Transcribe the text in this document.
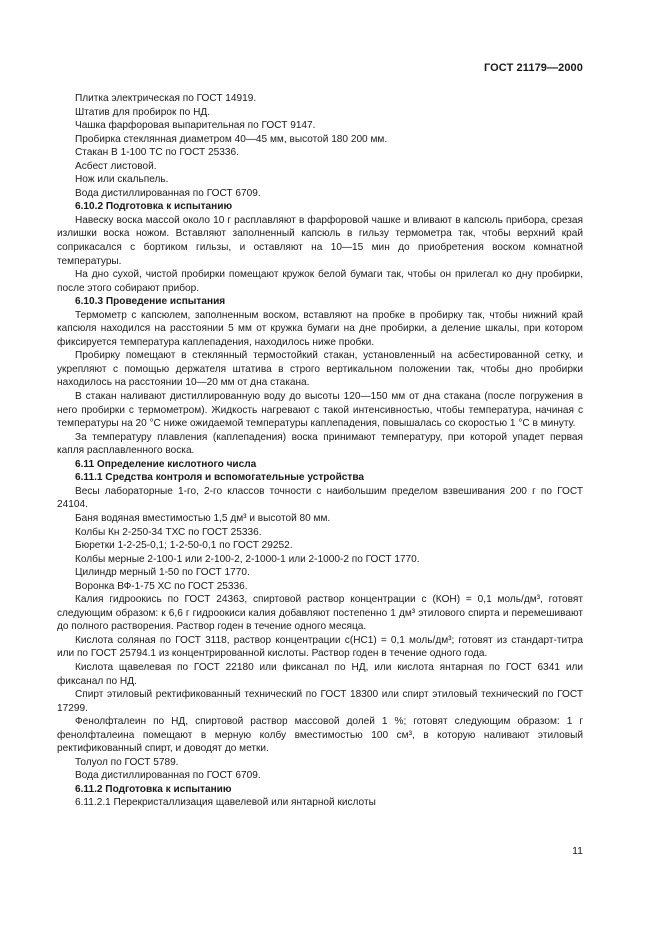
ГОСТ 21179—2000

Плитка электрическая по ГОСТ 14919.

Штатив для пробирок по НД.

Чашка фарфоровая выпарительная по ГОСТ 9147.

Пробирка стеклянная диаметром 40—45 мм, высотой 180 200 мм.

Стакан В 1-100 ТС по ГОСТ 25336.

Асбест листовой.

Нож или скальпель.

Вода дистиллированная по ГОСТ 6709.

6.10.2 Подготовка к испытанию

Навеску воска массой около 10 г расплавляют в фарфоровой чашке и вливают в капсюль прибора, срезая излишки воска ножом. Вставляют заполненный капсюль в гильзу термометра так, чтобы верхний край соприкасался с бортиком гильзы, и оставляют на 10—15 мин до приобретения воском комнатной температуры.

На дно сухой, чистой пробирки помещают кружок белой бумаги так, чтобы он прилегал ко дну пробирки, после этого собирают прибор.

6.10.3 Проведение испытания

Термометр с капсюлем, заполненным воском, вставляют на пробке в пробирку так, чтобы нижний край капсюля находился на расстоянии 5 мм от кружка бумаги на дне пробирки, а деление шкалы, при котором фиксируется температура каплепадения, находилось ниже пробки.

Пробирку помещают в стеклянный термостойкий стакан, установленный на асбестированной сетку, и укрепляют с помощью держателя штатива в строго вертикальном положении так, чтобы дно пробирки находилось на расстоянии 10—20 мм от дна стакана.

В стакан наливают дистиллированную воду до высоты 120—150 мм от дна стакана (после погружения в него пробирки с термометром). Жидкость нагревают с такой интенсивностью, чтобы температура, начиная с температуры на 20 °С ниже ожидаемой температуры каплепадения, повышалась со скоростью 1 °С в минуту.

За температуру плавления (каплепадения) воска принимают температуру, при которой упадет первая капля расплавленного воска.

6.11 Определение кислотного числа

6.11.1 Средства контроля и вспомогательные устройства

Весы лабораторные 1-го, 2-го классов точности с наибольшим пределом взвешивания 200 г по ГОСТ 24104.

Баня водяная вместимостью 1,5 дм³ и высотой 80 мм.

Колбы Кн 2-250-34 ТХС по ГОСТ 25336.

Бюретки 1-2-25-0,1; 1-2-50-0,1 по ГОСТ 29252.

Колбы мерные 2-100-1 или 2-100-2, 2-1000-1 или 2-1000-2 по ГОСТ 1770.

Цилиндр мерный 1-50 по ГОСТ 1770.

Воронка ВФ-1-75 ХС по ГОСТ 25336.

Калия гидроокись по ГОСТ 24363, спиртовой раствор концентрации с (КОН) = 0,1 моль/дм³, готовят следующим образом: к 6,6 г гидроокиси калия добавляют постепенно 1 дм³ этилового спирта и перемешивают до полного растворения. Раствор годен в течение одного месяца.

Кислота соляная по ГОСТ 3118, раствор концентрации с(НС1) = 0,1 моль/дм³; готовят из стандарт-титра или по ГОСТ 25794.1 из концентрированной кислоты. Раствор годен в течение одного года.

Кислота щавелевая по ГОСТ 22180 или фиксанал по НД, или кислота янтарная по ГОСТ 6341 или фиксанал по НД.

Спирт этиловый ректификованный технический по ГОСТ 18300 или спирт этиловый технический по ГОСТ 17299.

Фенолфталеин по НД, спиртовой раствор массовой долей 1 %; готовят следующим образом: 1 г фенолфталеина помещают в мерную колбу вместимостью 100 см³, в которую наливают этиловый ректификованный спирт, и доводят до метки.

Толуол по ГОСТ 5789.

Вода дистиллированная по ГОСТ 6709.

6.11.2 Подготовка к испытанию

6.11.2.1 Перекристаллизация щавелевой или янтарной кислоты

11
